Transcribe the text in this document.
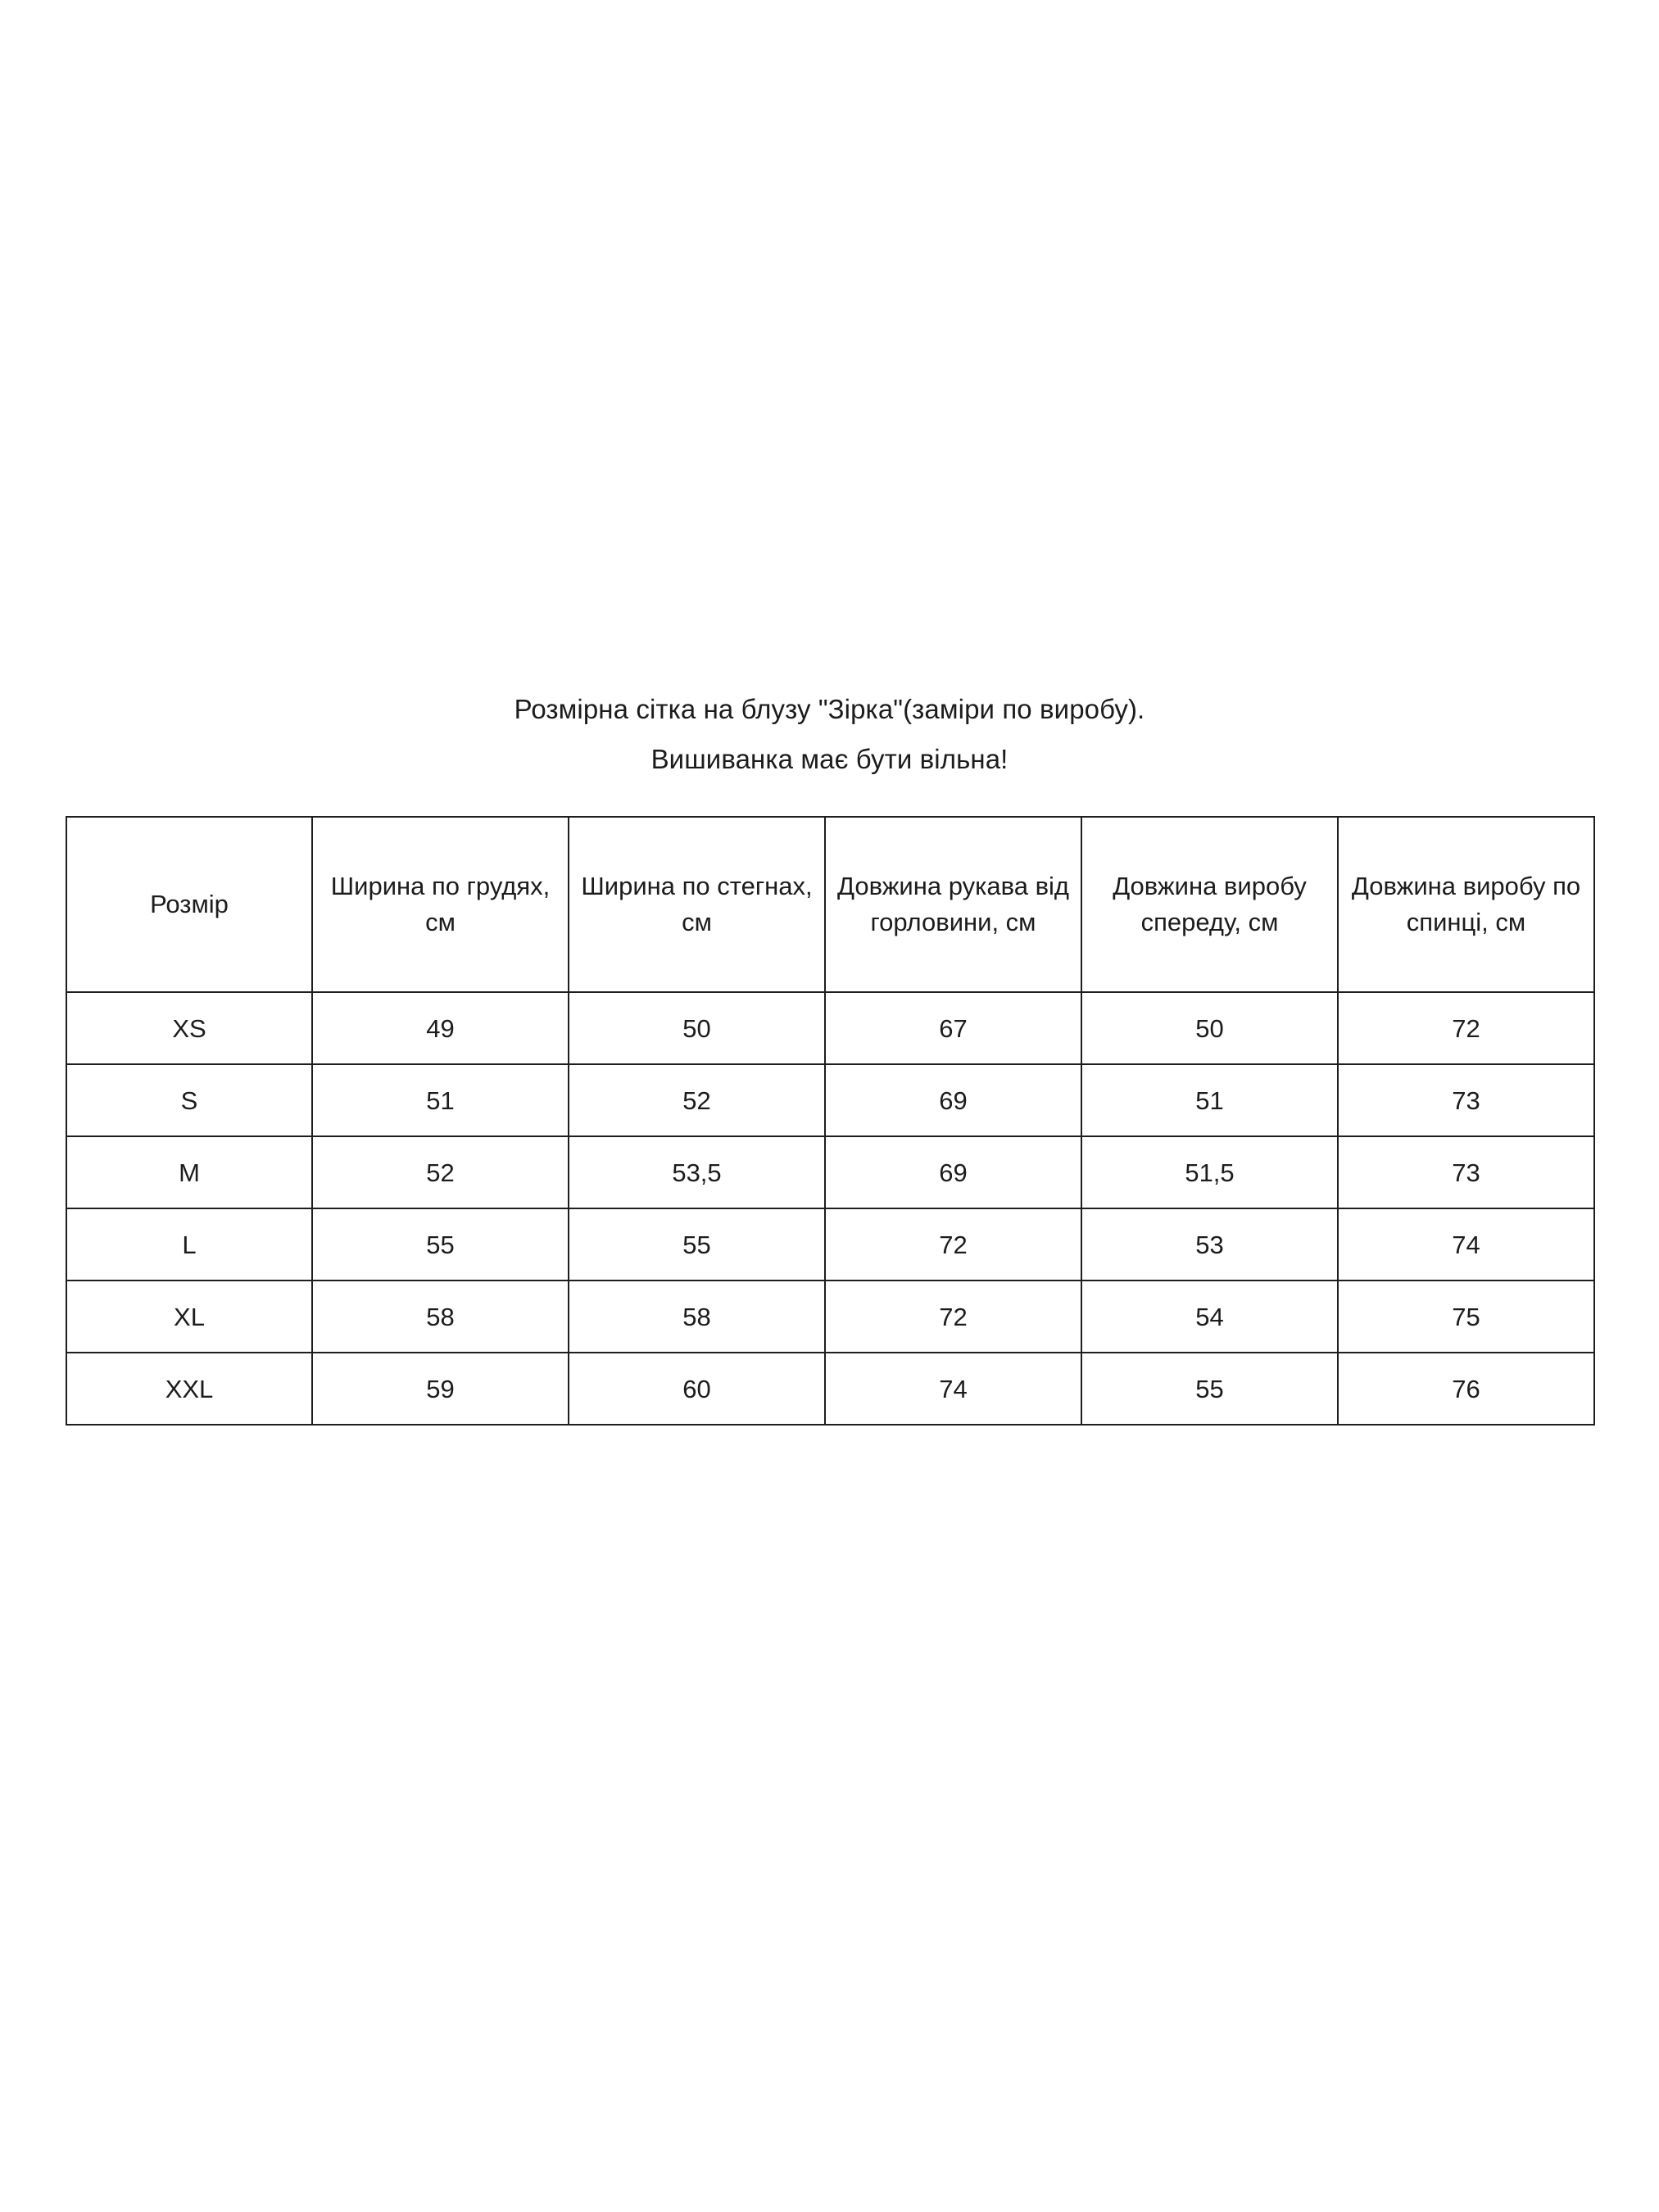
Розмірна сітка на блузу "Зірка"(заміри по виробу).
Вишиванка має бути вільна!
Розмір	Ширина по грудях, см	Ширина по стегнах, см	Довжина рукава від горловини, см	Довжина виробу спереду, см	Довжина виробу по спинці, см

XS	49	50	67	50	72
S	51	52	69	51	73
M	52	53,5	69	51,5	73
L	55	55	72	53	74
XL	58	58	72	54	75
XXL	59	60	74	55	76
